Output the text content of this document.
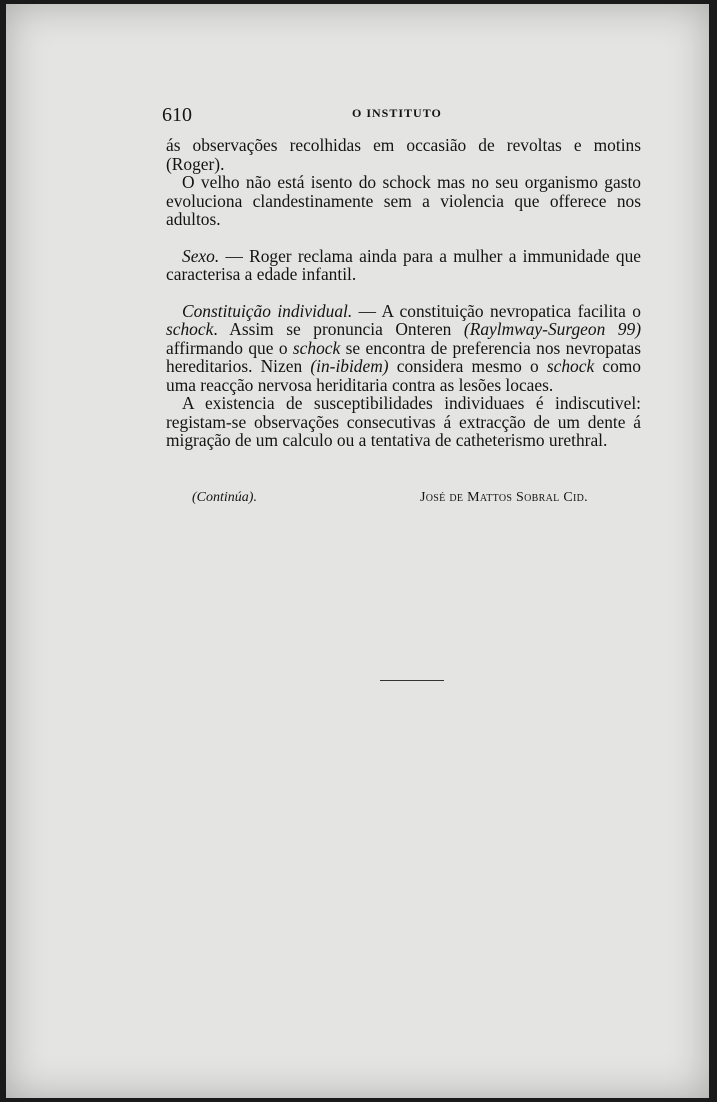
610	O INSTITUTO

ás observações recolhidas em occasião de revoltas e motins (Roger).

O velho não está isento do schock mas no seu organismo gasto evoluciona clandestinamente sem a violencia que offerece nos adultos.

Sexo. — Roger reclama ainda para a mulher a immunidade que caracterisa a edade infantil.

Constituição individual. — A constituição nevropatica facilita o schock. Assim se pronuncia Onteren (Raylmway-Surgeon 99) affirmando que o schock se encontra de preferencia nos nevropatas hereditarios. Nizen (in-ibidem) considera mesmo o schock como uma reacção nervosa heriditaria contra as lesões locaes.

A existencia de susceptibilidades individuaes é indiscutivel: registam-se observações consecutivas á extracção de um dente á migração de um calculo ou a tentativa de catheterismo urethral.

(Continúa).	José de Mattos Sobral Cid.
